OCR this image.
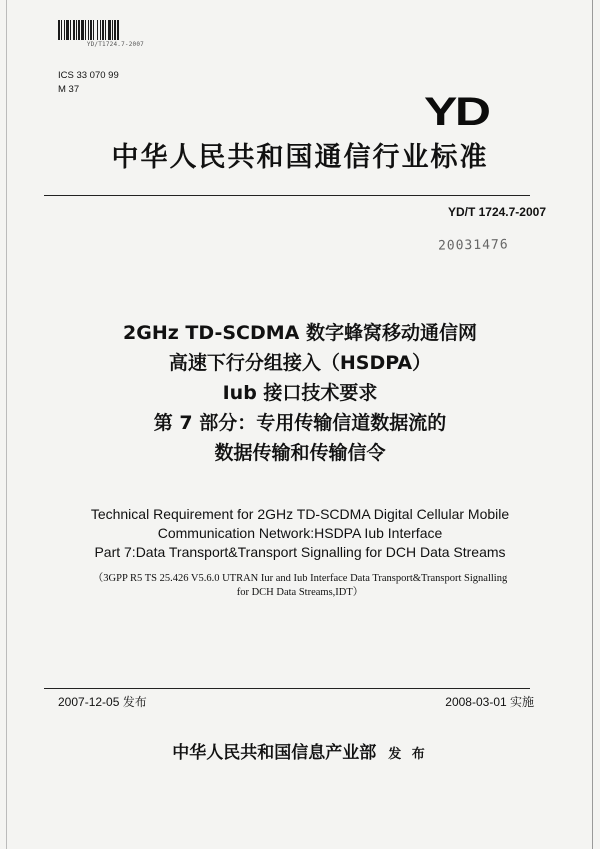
YD/T1724.7-2007
ICS 33 070 99
M 37
YD
中华人民共和国通信行业标准
YD/T 1724.7-2007
20031476
2GHz TD-SCDMA 数字蜂窝移动通信网
高速下行分组接入（HSDPA）
Iub 接口技术要求
第 7 部分：专用传输信道数据流的
数据传输和传输信令
Technical Requirement for 2GHz TD-SCDMA Digital Cellular Mobile
Communication Network:HSDPA Iub Interface
Part 7:Data Transport&Transport Signalling for DCH Data Streams
（3GPP R5 TS 25.426 V5.6.0 UTRAN Iur and Iub Interface Data Transport&Transport Signalling
for DCH Data Streams,IDT）
2007-12-05 发布	2008-03-01 实施
中华人民共和国信息产业部 发 布
